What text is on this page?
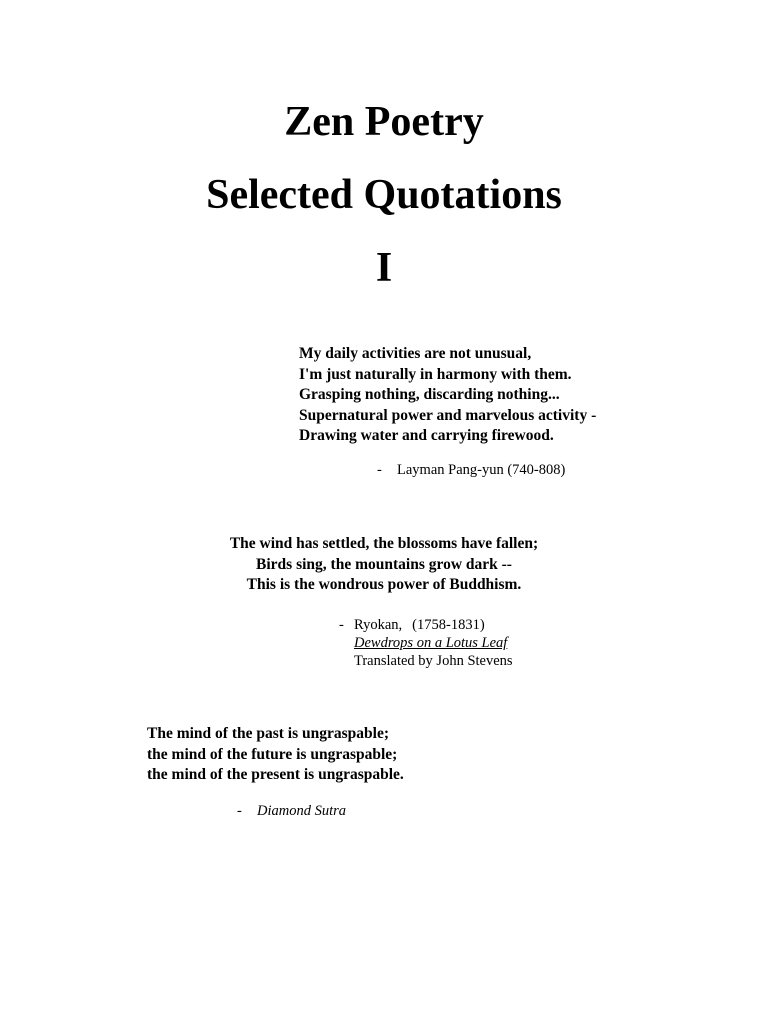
Zen Poetry
Selected Quotations
I
My daily activities are not unusual,
I'm just naturally in harmony with them.
Grasping nothing, discarding nothing...
Supernatural power and marvelous activity -
Drawing water and carrying firewood.
- Layman Pang-yun (740-808)
The wind has settled, the blossoms have fallen;
Birds sing, the mountains grow dark --
This is the wondrous power of Buddhism.
- Ryokan, (1758-1831)
Dewdrops on a Lotus Leaf
Translated by John Stevens
The mind of the past is ungraspable;
the mind of the future is ungraspable;
the mind of the present is ungraspable.
- Diamond Sutra
